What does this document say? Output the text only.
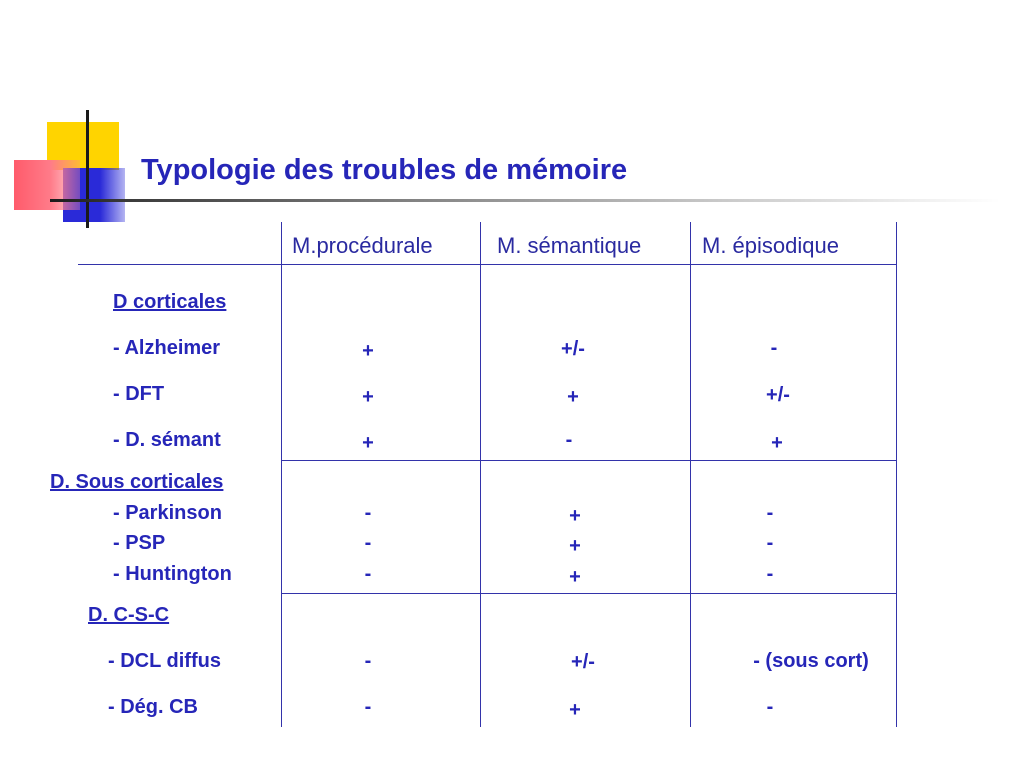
Typologie des troubles de mémoire
M.procédurale	M. sémantique	M. épisodique
D corticales
- Alzheimer	+	+/-	-
- DFT	+	+	+/-
- D. sémant	+	-	+
D. Sous corticales
- Parkinson	-	+	-
- PSP	-	+	-
- Huntington	-	+	-
D. C-S-C
- DCL diffus	-	+/-	- (sous cort)
- Dég. CB	-	+	-
